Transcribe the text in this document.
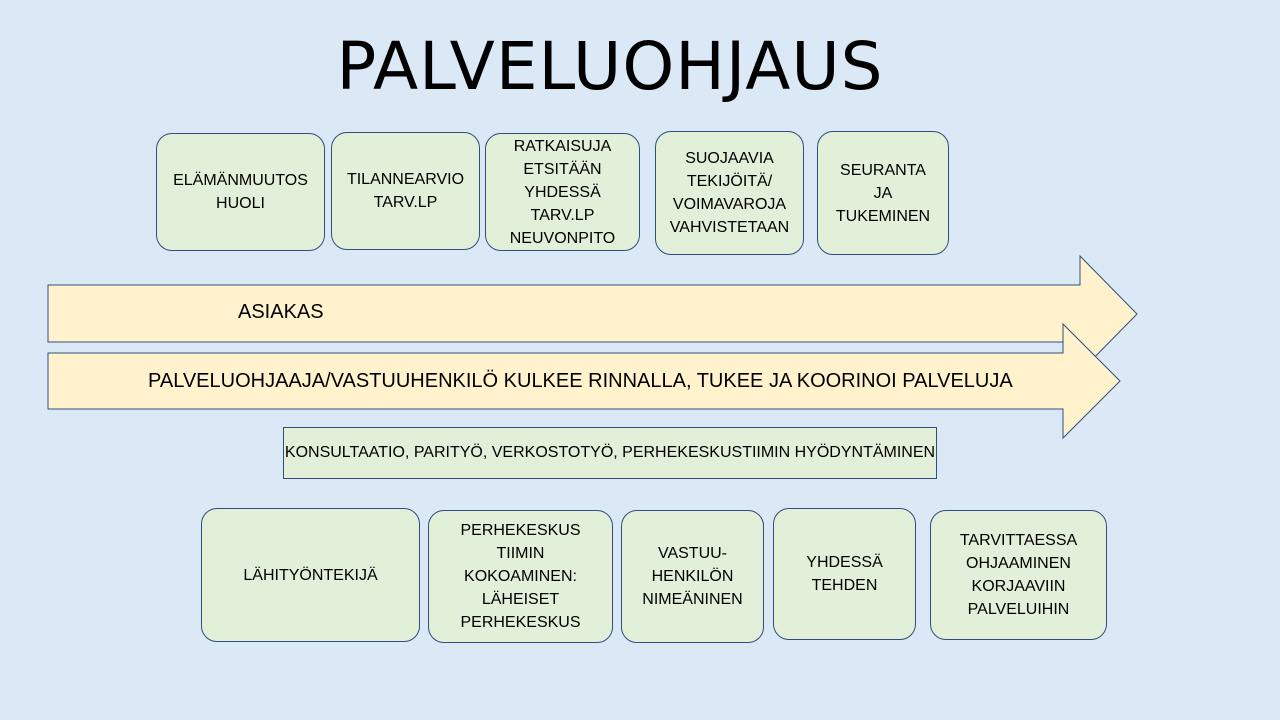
PALVELUOHJAUS
ELÄMÄNMUUTOS
HUOLI
TILANNEARVIO
TARV.LP
RATKAISUJA
ETSITÄÄN
YHDESSÄ
TARV.LP
NEUVONPITO
SUOJAAVIA
TEKIJÖITÄ/
VOIMAVAROJA
VAHVISTETAAN
SEURANTA
JA
TUKEMINEN
ASIAKAS
PALVELUOHJAAJA/VASTUUHENKILÖ KULKEE RINNALLA, TUKEE JA KOORINOI PALVELUJA
KONSULTAATIO, PARITYÖ, VERKOSTOTYÖ, PERHEKESKUSTIIMIN HYÖDYNTÄMINEN
LÄHITYÖNTEKIJÄ
PERHEKESKUS
TIIMIN
KOKOAMINEN:
LÄHEISET
PERHEKESKUS
VASTUU-
HENKILÖN
NIMEÄNINEN
YHDESSÄ
TEHDEN
TARVITTAESSA
OHJAAMINEN
KORJAAVIIN
PALVELUIHIN
